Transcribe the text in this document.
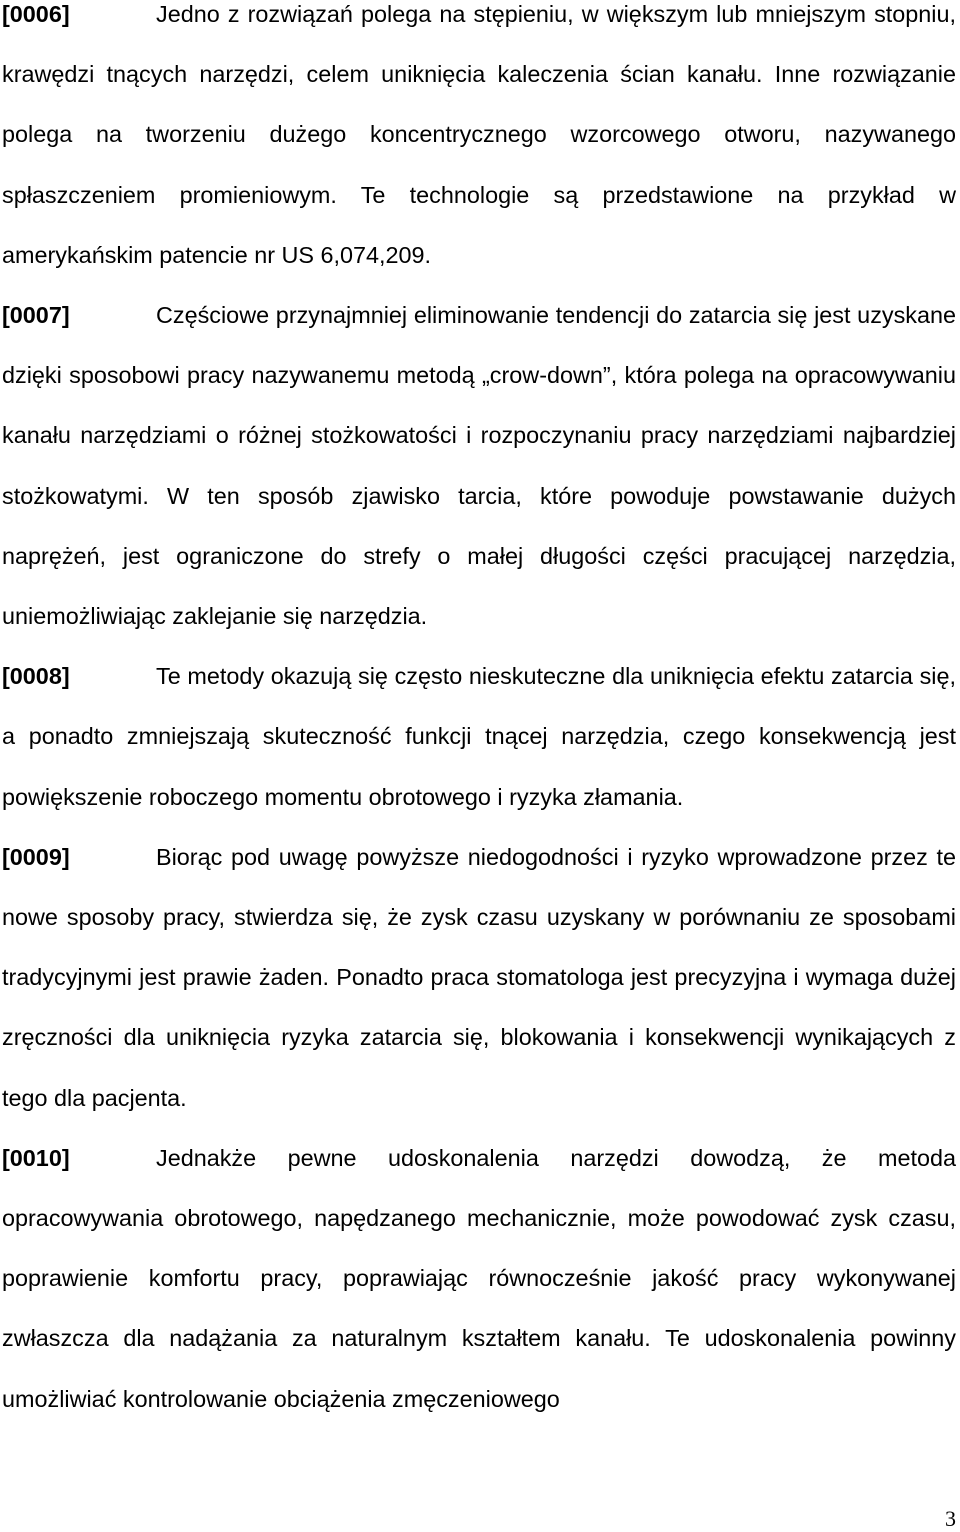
[0006]	Jedno z rozwiązań polega na stępieniu, w większym lub mniejszym stopniu, krawędzi tnących narzędzi, celem uniknięcia kaleczenia ścian kanału. Inne rozwiązanie polega na tworzeniu dużego koncentrycznego wzorcowego otworu, nazywanego spłaszczeniem promieniowym. Te technologie są przedstawione na przykład w amerykańskim patencie nr US 6,074,209.

[0007]	Częściowe przynajmniej eliminowanie tendencji do zatarcia się jest uzyskane dzięki sposobowi pracy nazywanemu metodą „crow-down”, która polega na opracowywaniu kanału narzędziami o różnej stożkowatości i rozpoczynaniu pracy narzędziami najbardziej stożkowatymi. W ten sposób zjawisko tarcia, które powoduje powstawanie dużych naprężeń, jest ograniczone do strefy o małej długości części pracującej narzędzia, uniemożliwiając zaklejanie się narzędzia.

[0008]	Te metody okazują się często nieskuteczne dla uniknięcia efektu zatarcia się, a ponadto zmniejszają skuteczność funkcji tnącej narzędzia, czego konsekwencją jest powiększenie roboczego momentu obrotowego i ryzyka złamania.

[0009]	Biorąc pod uwagę powyższe niedogodności i ryzyko wprowadzone przez te nowe sposoby pracy, stwierdza się, że zysk czasu uzyskany w porównaniu ze sposobami tradycyjnymi jest prawie żaden. Ponadto praca stomatologa jest precyzyjna i wymaga dużej zręczności dla uniknięcia ryzyka zatarcia się, blokowania i konsekwencji wynikających z tego dla pacjenta.

[0010]	Jednakże pewne udoskonalenia narzędzi dowodzą, że metoda opracowywania obrotowego, napędzanego mechanicznie, może powodować zysk czasu, poprawienie komfortu pracy, poprawiając równocześnie jakość pracy wykonywanej zwłaszcza dla nadążania za naturalnym kształtem kanału. Te udoskonalenia powinny umożliwiać kontrolowanie obciążenia zmęczeniowego

3
